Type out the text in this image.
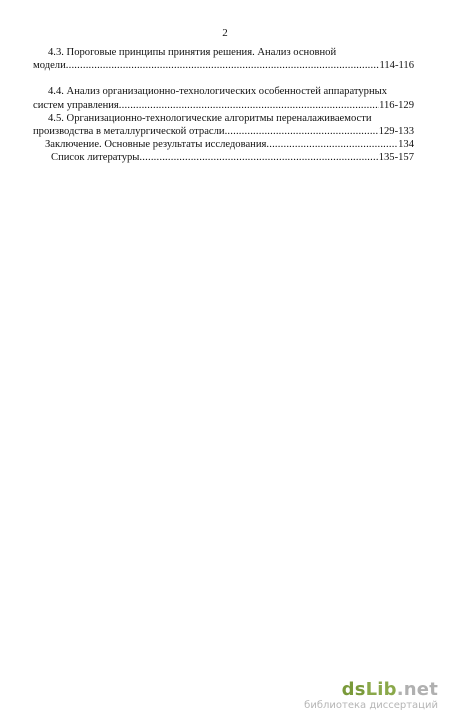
2
4.3. Пороговые принципы принятия решения. Анализ основной
модели .....	114-116
4.4. Анализ организационно-технологических особенностей аппаратурных
систем управления .....	116-129
4.5. Организационно-технологические алгоритмы переналаживаемости
производства в металлургической отрасли .....	129-133
Заключение. Основные результаты исследования .....	134
Список литературы .....	135-157
dsLib.net
библиотека диссертаций
